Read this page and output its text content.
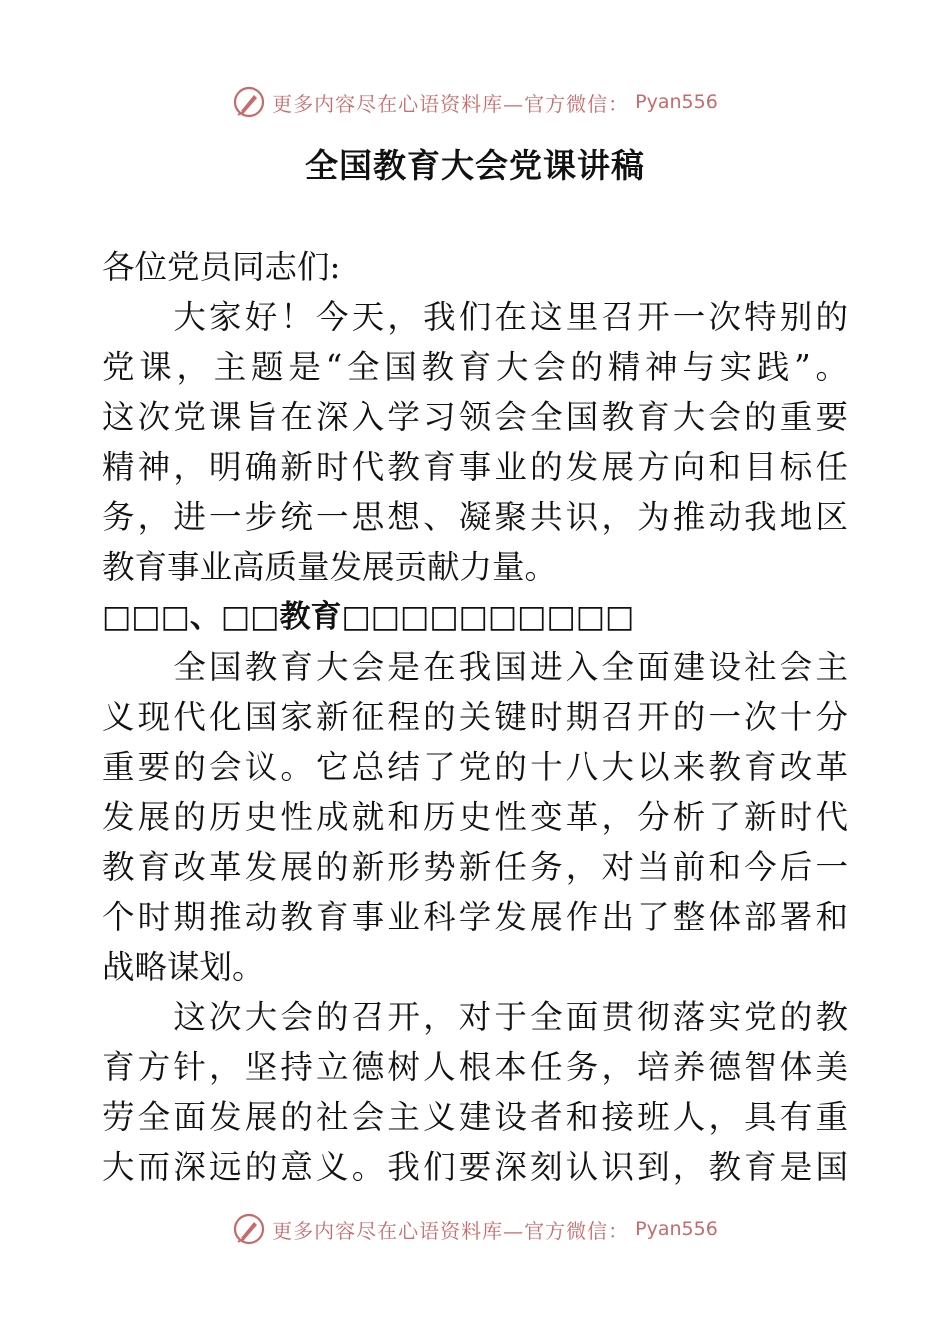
更多内容尽在心语资料库—官方微信： Pyan556
全国教育大会党课讲稿
各位党员同志们:
　　大家好！今天，我们在这里召开一次特别的
党课，主题是“全国教育大会的精神与实践”。
这次党课旨在深入学习领会全国教育大会的重要
精神，明确新时代教育事业的发展方向和目标任
务，进一步统一思想、凝聚共识，为推动我地区
教育事业高质量发展贡献力量。
□□□、□□教育□□□□□□□□□□
　　全国教育大会是在我国进入全面建设社会主
义现代化国家新征程的关键时期召开的一次十分
重要的会议。它总结了党的十八大以来教育改革
发展的历史性成就和历史性变革，分析了新时代
教育改革发展的新形势新任务，对当前和今后一
个时期推动教育事业科学发展作出了整体部署和
战略谋划。
　　这次大会的召开，对于全面贯彻落实党的教
育方针，坚持立德树人根本任务，培养德智体美
劳全面发展的社会主义建设者和接班人，具有重
大而深远的意义。我们要深刻认识到，教育是国
更多内容尽在心语资料库—官方微信： Pyan556
